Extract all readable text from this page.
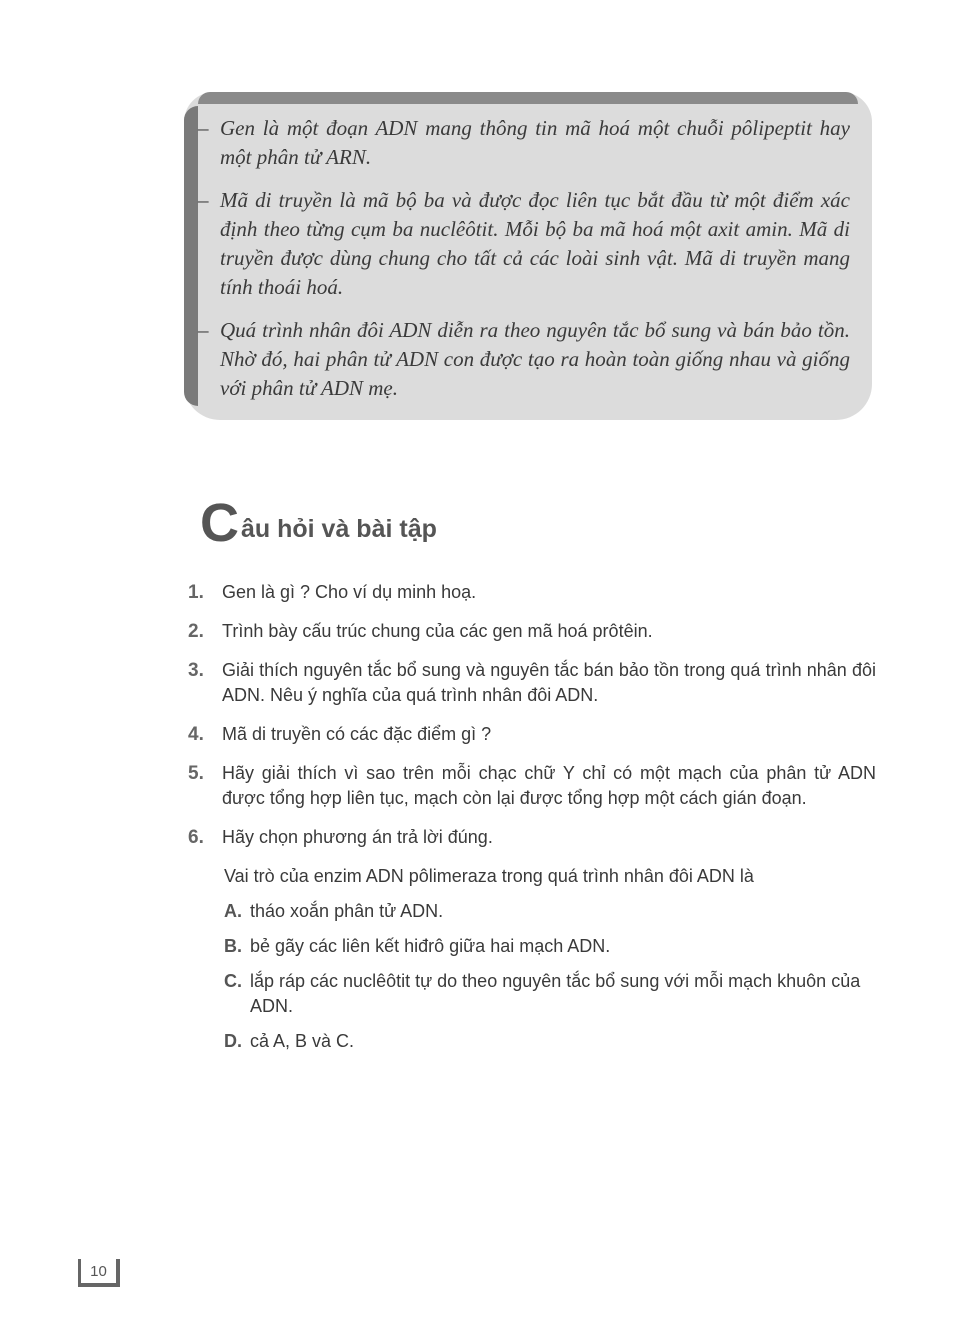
– Gen là một đoạn ADN mang thông tin mã hoá một chuỗi pôlipeptit hay một phân tử ARN.
– Mã di truyền là mã bộ ba và được đọc liên tục bắt đầu từ một điểm xác định theo từng cụm ba nuclêôtit. Mỗi bộ ba mã hoá một axit amin. Mã di truyền được dùng chung cho tất cả các loài sinh vật. Mã di truyền mang tính thoái hoá.
– Quá trình nhân đôi ADN diễn ra theo nguyên tắc bổ sung và bán bảo tồn. Nhờ đó, hai phân tử ADN con được tạo ra hoàn toàn giống nhau và giống với phân tử ADN mẹ.
C âu hỏi và bài tập
1. Gen là gì ? Cho ví dụ minh hoạ.
2. Trình bày cấu trúc chung của các gen mã hoá prôtêin.
3. Giải thích nguyên tắc bổ sung và nguyên tắc bán bảo tồn trong quá trình nhân đôi ADN. Nêu ý nghĩa của quá trình nhân đôi ADN.
4. Mã di truyền có các đặc điểm gì ?
5. Hãy giải thích vì sao trên mỗi chạc chữ Y chỉ có một mạch của phân tử ADN được tổng hợp liên tục, mạch còn lại được tổng hợp một cách gián đoạn.
6. Hãy chọn phương án trả lời đúng.
Vai trò của enzim ADN pôlimeraza trong quá trình nhân đôi ADN là
A. tháo xoắn phân tử ADN.
B. bẻ gãy các liên kết hiđrô giữa hai mạch ADN.
C. lắp ráp các nuclêôtit tự do theo nguyên tắc bổ sung với mỗi mạch khuôn của ADN.
D. cả A, B và C.
10
